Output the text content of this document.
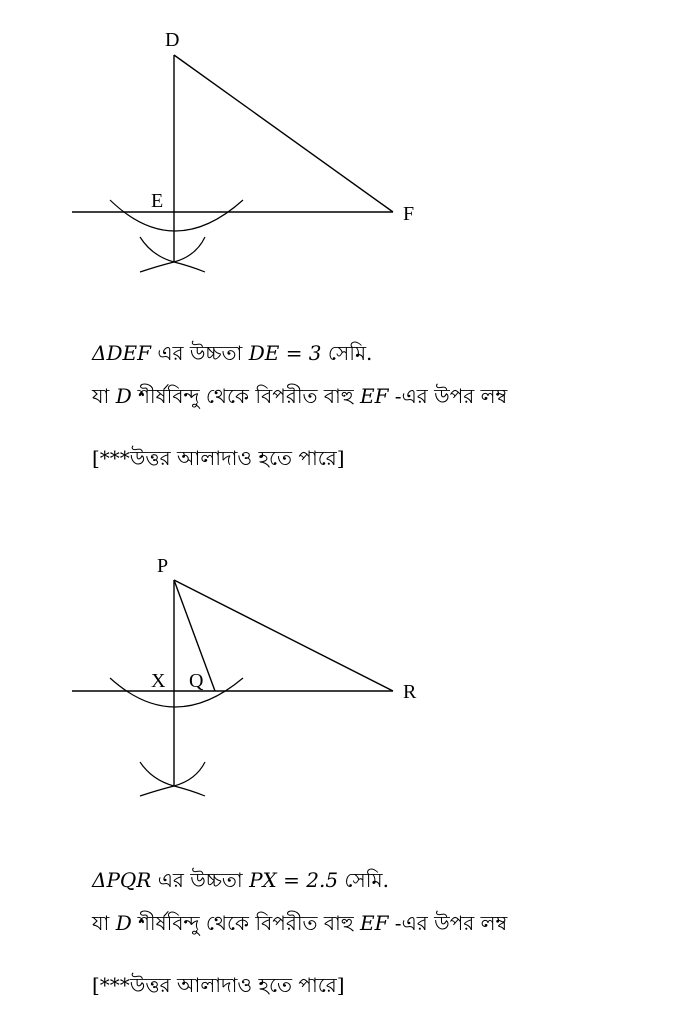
D
E
F
ΔDEF এর উচ্চতা DE = 3 সেমি.
যা D শীর্ষবিন্দু থেকে বিপরীত বাহু EF -এর উপর লম্ব
[***উত্তর আলাদাও হতে পারে]
P
X Q	R
ΔPQR এর উচ্চতা PX = 2.5 সেমি.
যা D শীর্ষবিন্দু থেকে বিপরীত বাহু EF -এর উপর লম্ব
[***উত্তর আলাদাও হতে পারে]
